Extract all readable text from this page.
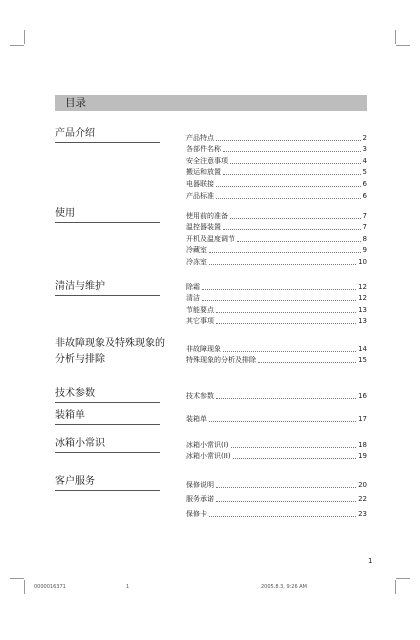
目录
产品介绍	产品特点	2
各部件名称	3
安全注意事项	4
搬运和放置	5
电器联接	6
产品标准	6
使用	使用前的准备	7
温控器装置	7
开机及温度调节	8
冷藏室	9
冷冻室	10
清洁与维护	除霜	12
清洁	12
节能要点	13
其它事项	13
非故障现象及特殊现象的
分析与排除
非故障现象	14
特殊现象的分析及排除	15
技术参数	技术参数	16
装箱单	装箱单	17
冰箱小常识	冰箱小常识(I)	18
冰箱小常识(II)	19
客户服务	保修说明	20
服务承诺	22
保修卡	23
1
0000016371	1	2005.8.3, 9:26 AM
